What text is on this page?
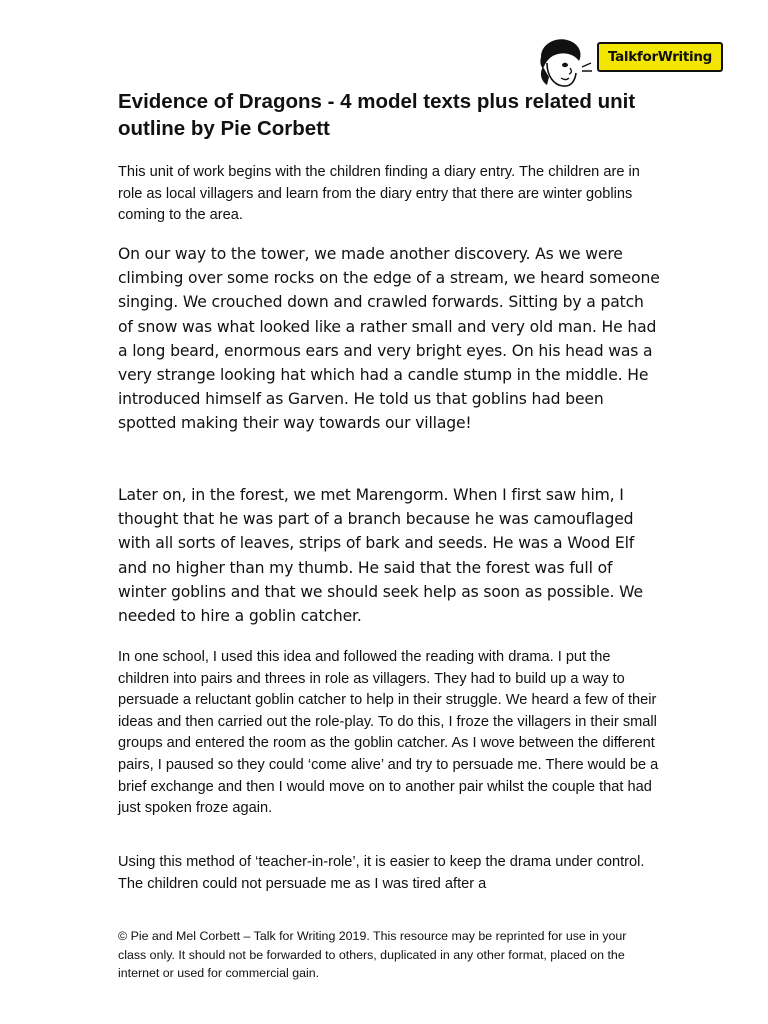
TalkforWriting
Evidence of Dragons - 4 model texts plus related unit outline by Pie Corbett

This unit of work begins with the children finding a diary entry. The children are in role as local villagers and learn from the diary entry that there are winter goblins coming to the area.

On our way to the tower, we made another discovery. As we were climbing over some rocks on the edge of a stream, we heard someone singing. We crouched down and crawled forwards. Sitting by a patch of snow was what looked like a rather small and very old man. He had a long beard, enormous ears and very bright eyes. On his head was a very strange looking hat which had a candle stump in the middle. He introduced himself as Garven. He told us that goblins had been spotted making their way towards our village!

Later on, in the forest, we met Marengorm. When I first saw him, I thought that he was part of a branch because he was camouflaged with all sorts of leaves, strips of bark and seeds. He was a Wood Elf and no higher than my thumb. He said that the forest was full of winter goblins and that we should seek help as soon as possible. We needed to hire a goblin catcher.

In one school, I used this idea and followed the reading with drama. I put the children into pairs and threes in role as villagers. They had to build up a way to persuade a reluctant goblin catcher to help in their struggle. We heard a few of their ideas and then carried out the role-play. To do this, I froze the villagers in their small groups and entered the room as the goblin catcher. As I wove between the different pairs, I paused so they could ‘come alive’ and try to persuade me. There would be a brief exchange and then I would move on to another pair whilst the couple that had just spoken froze again.

Using this method of ‘teacher-in-role’, it is easier to keep the drama under control. The children could not persuade me as I was tired after a

© Pie and Mel Corbett – Talk for Writing 2019. This resource may be reprinted for use in your class only. It should not be forwarded to others, duplicated in any other format, placed on the internet or used for commercial gain.
